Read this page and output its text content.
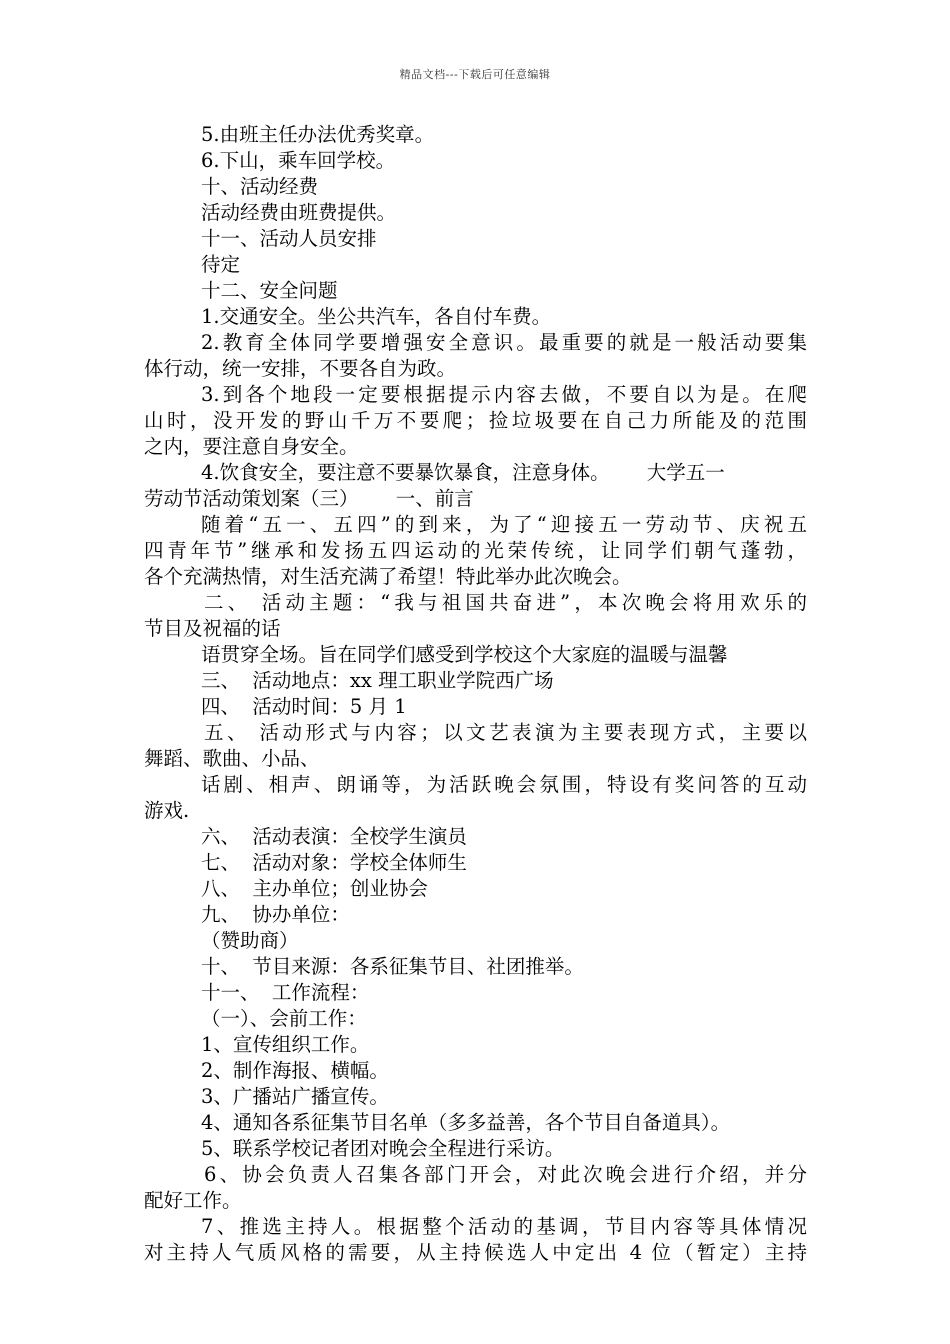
精品文档---下载后可任意编辑
5.由班主任办法优秀奖章。
6.下山，乘车回学校。
十、活动经费
活动经费由班费提供。
十一、活动人员安排
待定
十二、安全问题
1.交通安全。坐公共汽车，各自付车费。
2.教育全体同学要增强安全意识。最重要的就是一般活动要集
体行动，统一安排，不要各自为政。
3.到各个地段一定要根据提示内容去做，不要自以为是。在爬
山时，没开发的野山千万不要爬；捡垃圾要在自己力所能及的范围
之内，要注意自身安全。
4.饮食安全，要注意不要暴饮暴食，注意身体。      大学五一
劳动节活动策划案（三）      一、前言
随着“五一、五四”的到来，为了“迎接五一劳动节、庆祝五
四青年节”继承和发扬五四运动的光荣传统，让同学们朝气蓬勃，
各个充满热情，对生活充满了希望！特此举办此次晚会。
二、 活动主题：“我与祖国共奋进”，本次晚会将用欢乐的
节目及祝福的话
语贯穿全场。旨在同学们感受到学校这个大家庭的温暖与温馨
三、  活动地点：xx 理工职业学院西广场
四、  活动时间：5 月 1
五、 活动形式与内容；以文艺表演为主要表现方式，主要以
舞蹈、歌曲、小品、
话剧、相声、朗诵等，为活跃晚会氛围，特设有奖问答的互动
游戏.
六、  活动表演：全校学生演员
七、  活动对象：学校全体师生
八、  主办单位；创业协会
九、  协办单位：
（赞助商）
十、  节目来源：各系征集节目、社团推举。
十一、  工作流程：
（一）、会前工作：
1、宣传组织工作。
2、制作海报、横幅。
3、广播站广播宣传。
4、通知各系征集节目名单（多多益善，各个节目自备道具）。
5、联系学校记者团对晚会全程进行采访。
6、协会负责人召集各部门开会，对此次晚会进行介绍，并分
配好工作。
7、推选主持人。根据整个活动的基调，节目内容等具体情况
对主持人气质风格的需要，从主持候选人中定出 4 位（暂定）主持
